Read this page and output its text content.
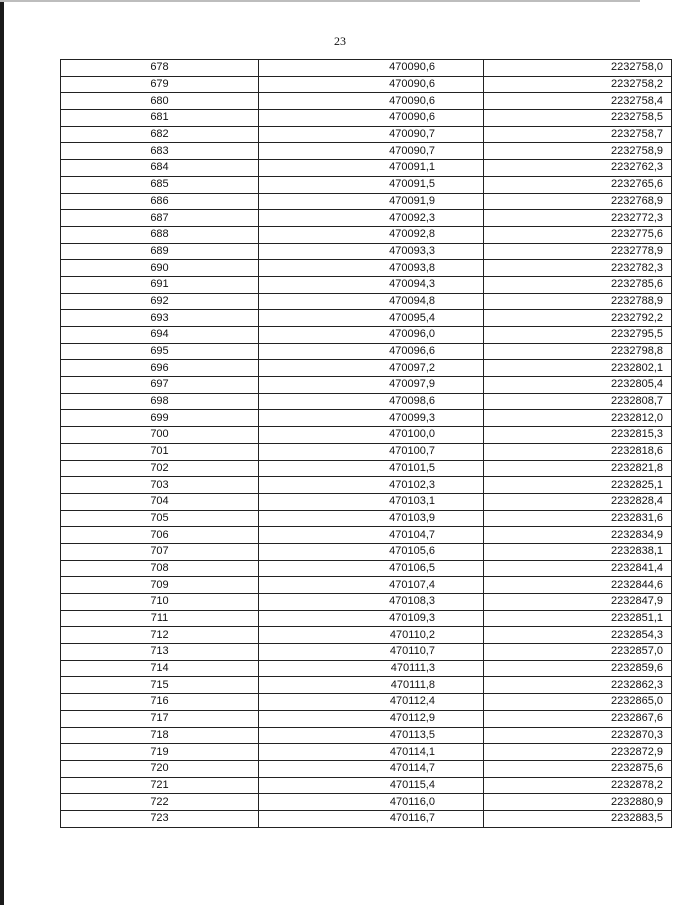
23
678	470090,6	2232758,0
679	470090,6	2232758,2
680	470090,6	2232758,4
681	470090,6	2232758,5
682	470090,7	2232758,7
683	470090,7	2232758,9
684	470091,1	2232762,3
685	470091,5	2232765,6
686	470091,9	2232768,9
687	470092,3	2232772,3
688	470092,8	2232775,6
689	470093,3	2232778,9
690	470093,8	2232782,3
691	470094,3	2232785,6
692	470094,8	2232788,9
693	470095,4	2232792,2
694	470096,0	2232795,5
695	470096,6	2232798,8
696	470097,2	2232802,1
697	470097,9	2232805,4
698	470098,6	2232808,7
699	470099,3	2232812,0
700	470100,0	2232815,3
701	470100,7	2232818,6
702	470101,5	2232821,8
703	470102,3	2232825,1
704	470103,1	2232828,4
705	470103,9	2232831,6
706	470104,7	2232834,9
707	470105,6	2232838,1
708	470106,5	2232841,4
709	470107,4	2232844,6
710	470108,3	2232847,9
711	470109,3	2232851,1
712	470110,2	2232854,3
713	470110,7	2232857,0
714	470111,3	2232859,6
715	470111,8	2232862,3
716	470112,4	2232865,0
717	470112,9	2232867,6
718	470113,5	2232870,3
719	470114,1	2232872,9
720	470114,7	2232875,6
721	470115,4	2232878,2
722	470116,0	2232880,9
723	470116,7	2232883,5
